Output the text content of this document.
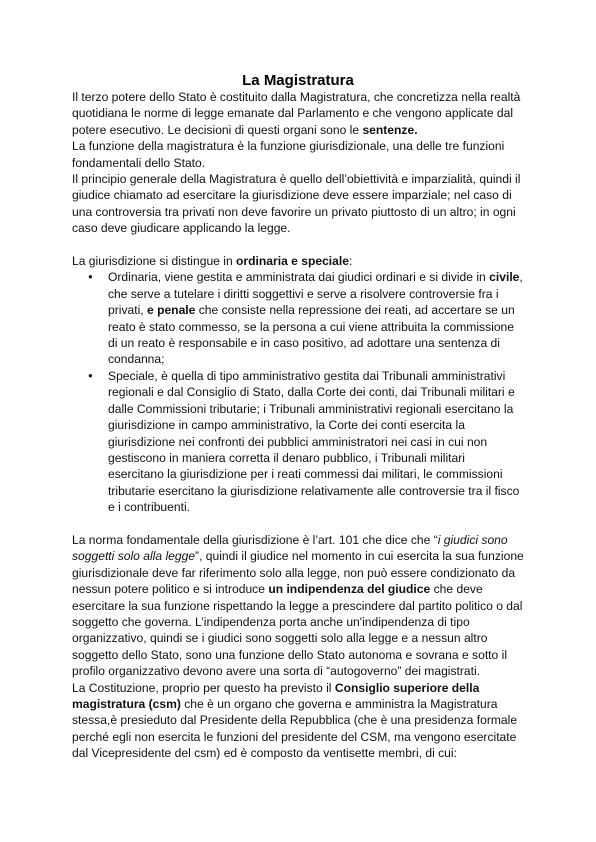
La Magistratura

Il terzo potere dello Stato è costituito dalla Magistratura, che concretizza nella realtà quotidiana le norme di legge emanate dal Parlamento e che vengono applicate dal potere esecutivo. Le decisioni di questi organi sono le sentenze.

La funzione della magistratura è la funzione giurisdizionale, una delle tre funzioni fondamentali dello Stato.

Il principio generale della Magistratura è quello dell’obiettività e imparzialità, quindi il giudice chiamato ad esercitare la giurisdizione deve essere imparziale; nel caso di una controversia tra privati non deve favorire un privato piuttosto di un altro; in ogni caso deve giudicare applicando la legge.

La giurisdizione si distingue in ordinaria e speciale:

● Ordinaria, viene gestita e amministrata dai giudici ordinari e si divide in civile, che serve a tutelare i diritti soggettivi e serve a risolvere controversie fra i privati, e penale che consiste nella repressione dei reati, ad accertare se un reato è stato commesso, se la persona a cui viene attribuita la commissione di un reato è responsabile e in caso positivo, ad adottare una sentenza di condanna;
● Speciale, è quella di tipo amministrativo gestita dai Tribunali amministrativi regionali e dal Consiglio di Stato, dalla Corte dei conti, dai Tribunali militari e dalle Commissioni tributarie; i Tribunali amministrativi regionali esercitano la giurisdizione in campo amministrativo, la Corte dei conti esercita la giurisdizione nei confronti dei pubblici amministratori nei casi in cui non gestiscono in maniera corretta il denaro pubblico, i Tribunali militari esercitano la giurisdizione per i reati commessi dai militari, le commissioni tributarie esercitano la giurisdizione relativamente alle controversie tra il fisco e i contribuenti.

La norma fondamentale della giurisdizione è l’art. 101 che dice che “i giudici sono soggetti solo alla legge”, quindi il giudice nel momento in cui esercita la sua funzione giurisdizionale deve far riferimento solo alla legge, non può essere condizionato da nessun potere politico e si introduce un indipendenza del giudice che deve esercitare la sua funzione rispettando la legge a prescindere dal partito politico o dal soggetto che governa. L’indipendenza porta anche un'indipendenza di tipo organizzativo, quindi se i giudici sono soggetti solo alla legge e a nessun altro soggetto dello Stato, sono una funzione dello Stato autonoma e sovrana e sotto il profilo organizzativo devono avere una sorta di “autogoverno” dei magistrati.

La Costituzione, proprio per questo ha previsto il Consiglio superiore della magistratura (csm) che è un organo che governa e amministra la Magistratura stessa,è presieduto dal Presidente della Repubblica (che è una presidenza formale perché egli non esercita le funzioni del presidente del CSM, ma vengono esercitate dal Vicepresidente del csm) ed è composto da ventisette membri, di cui:
